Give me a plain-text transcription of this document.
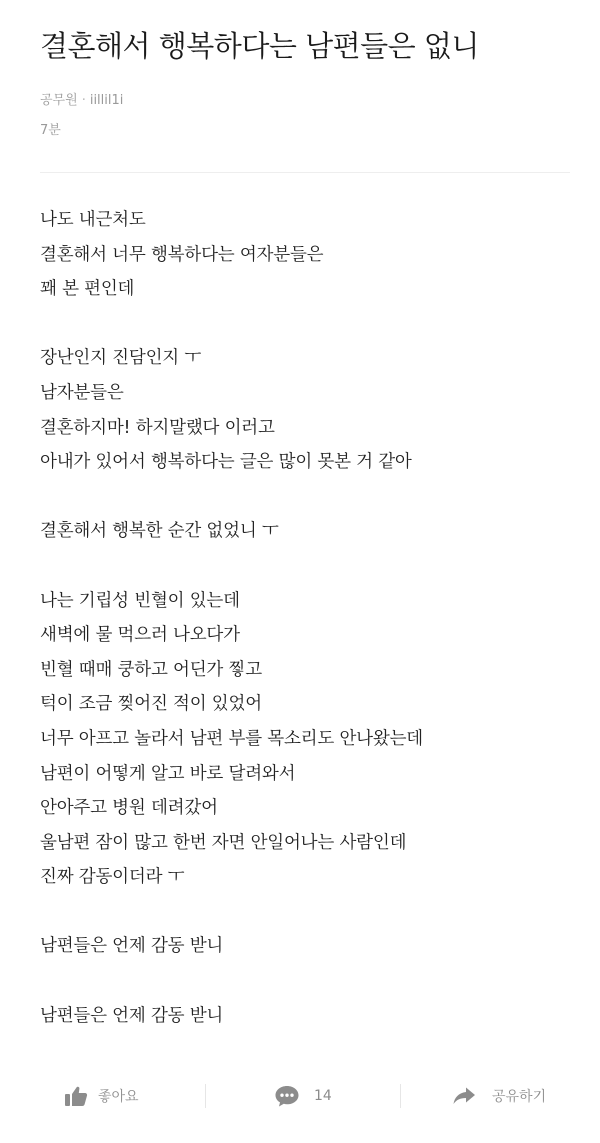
결혼해서 행복하다는 남편들은 없니
공무원 · iillil1i
7분
나도 내근처도
결혼해서 너무 행복하다는 여자분들은
꽤 본 편인데
장난인지 진담인지 ㅜ
남자분들은
결혼하지마! 하지말랬다 이러고
아내가 있어서 행복하다는 글은 많이 못본 거 같아
결혼해서 행복한 순간 없었니 ㅜ
나는 기립성 빈혈이 있는데
새벽에 물 먹으러 나오다가
빈혈 때매 쿵하고 어딘가 찧고
턱이 조금 찢어진 적이 있었어
너무 아프고 놀라서 남편 부를 목소리도 안나왔는데
남편이 어떻게 알고 바로 달려와서
안아주고 병원 데려갔어
울남편 잠이 많고 한번 자면 안일어나는 사람인데
진짜 감동이더라 ㅜ
남편들은 언제 감동 받니
남편들은 언제 감동 받니
좋아요	14	공유하기
